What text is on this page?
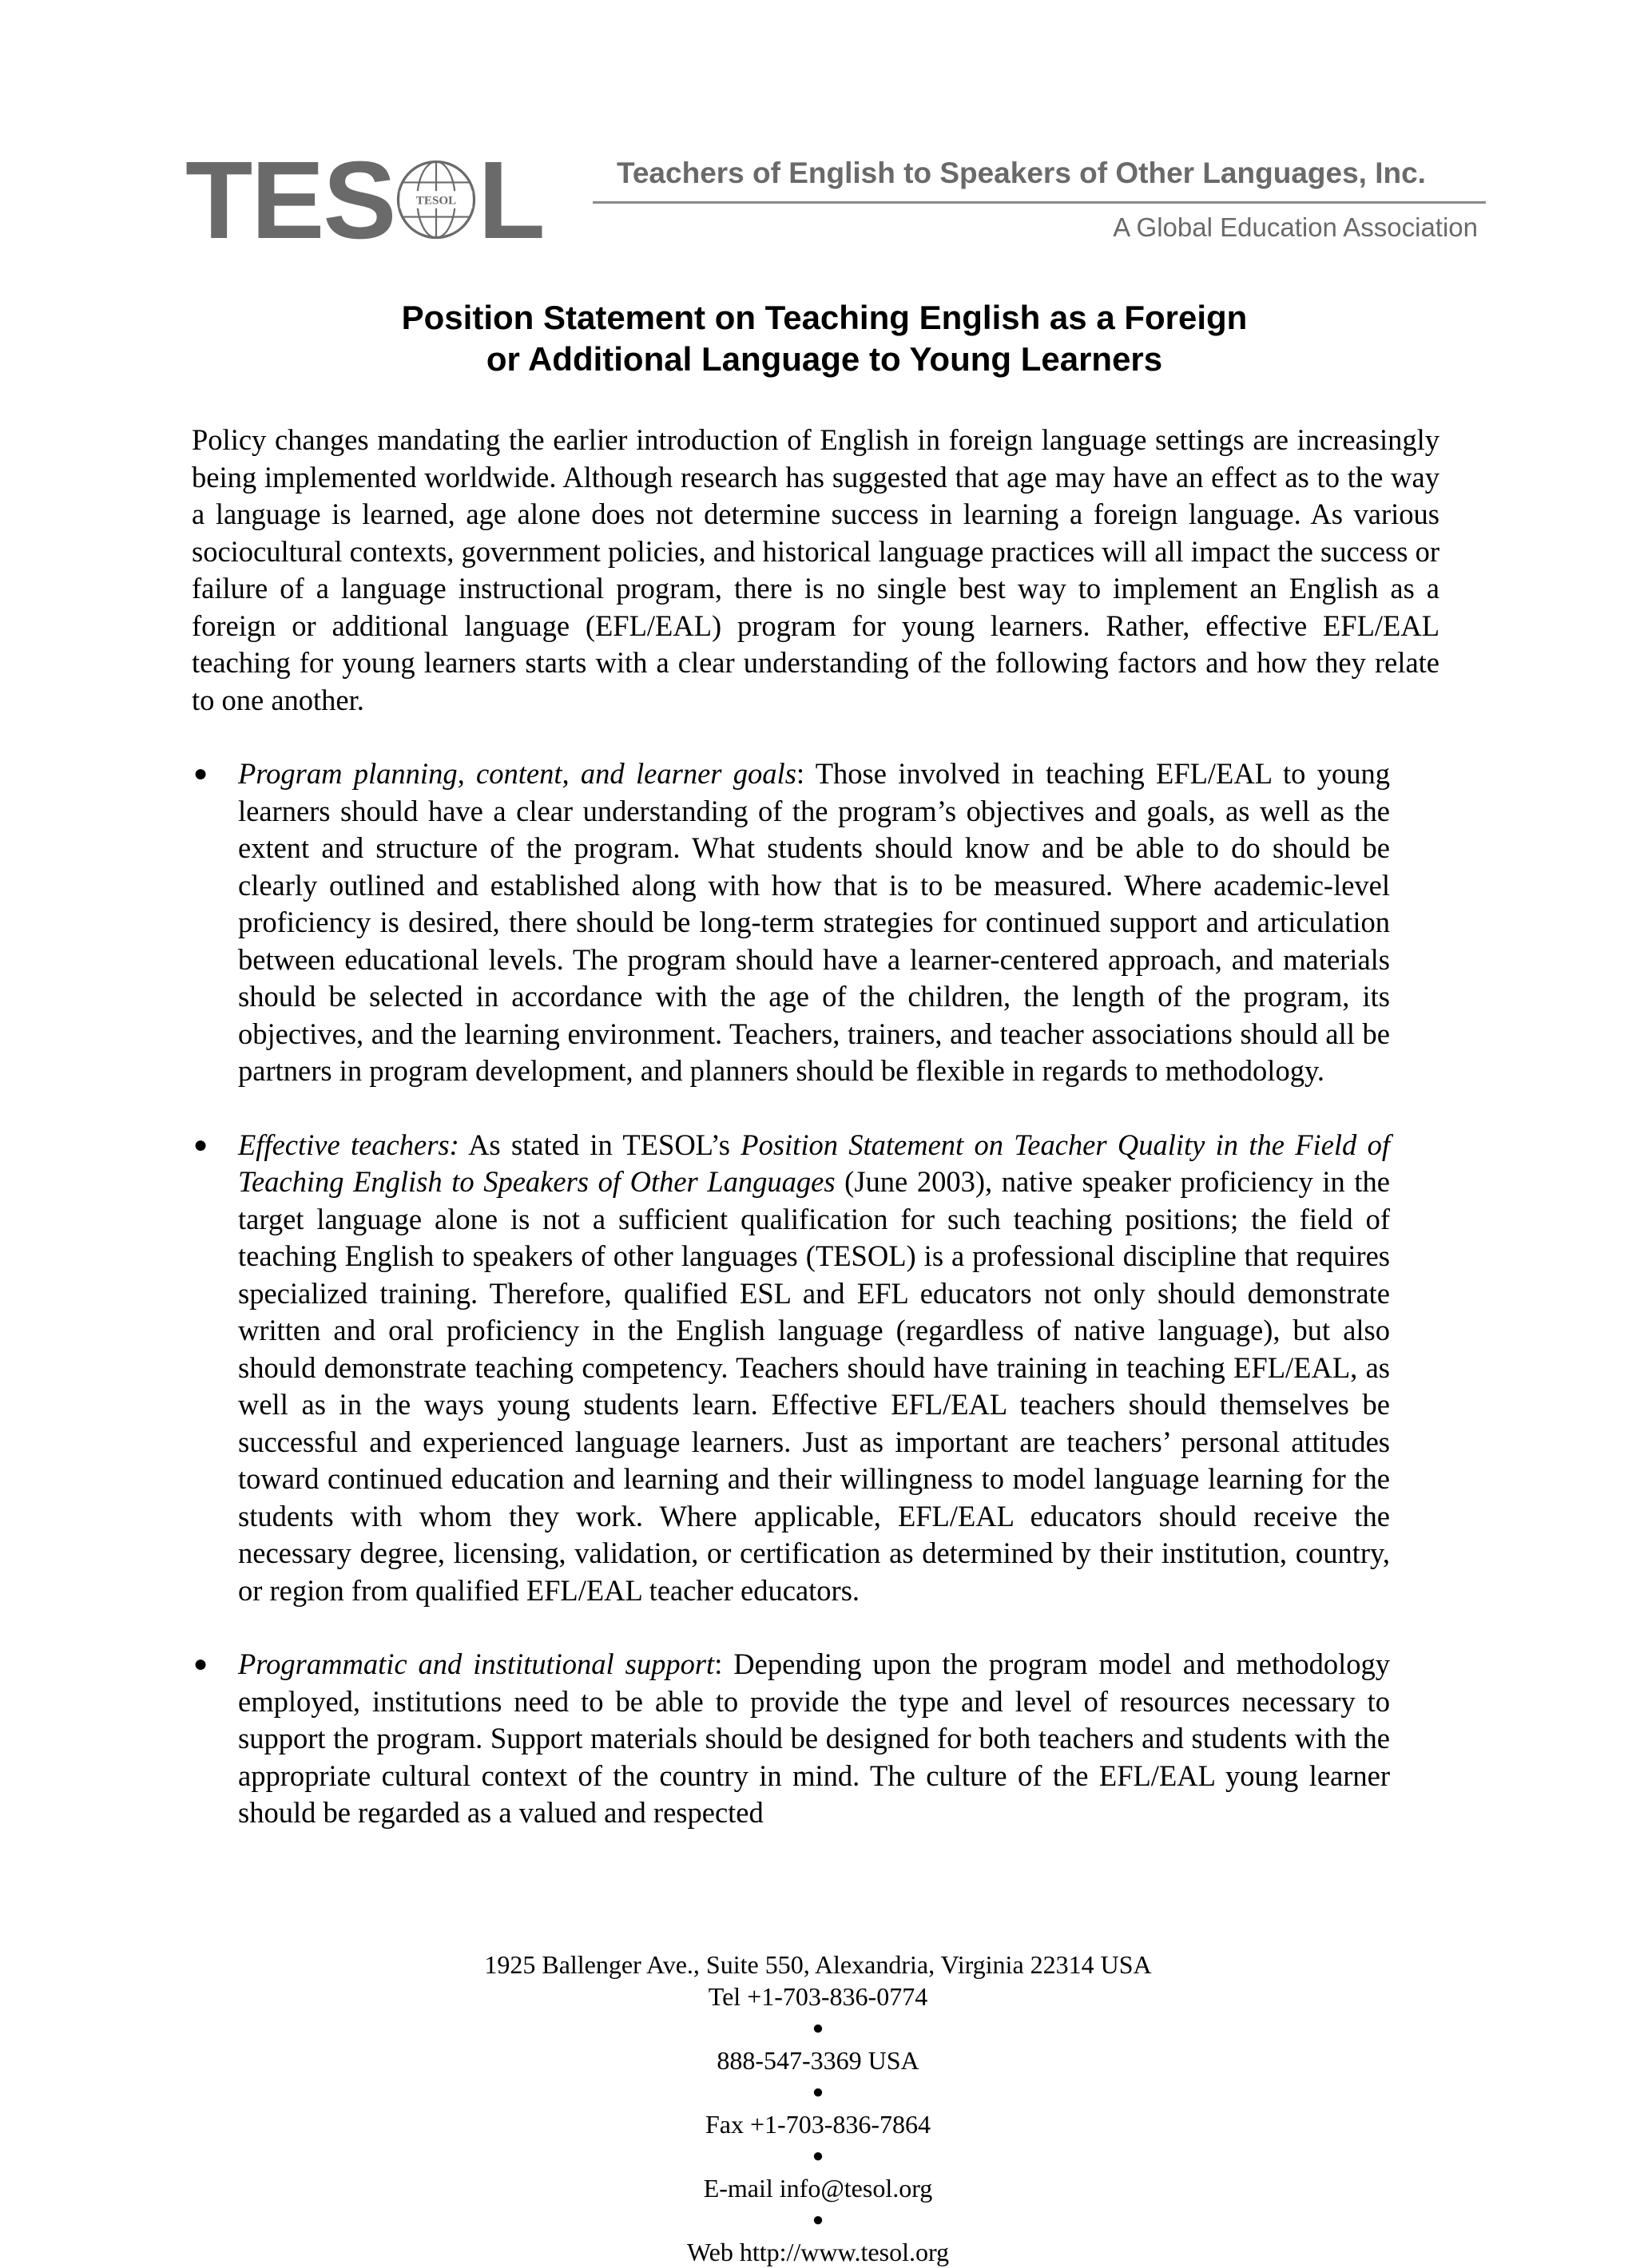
TES TESOL L Teachers of English to Speakers of Other Languages, Inc.
A Global Education Association
Position Statement on Teaching English as a Foreign
or Additional Language to Young Learners

Policy changes mandating the earlier introduction of English in foreign language settings are increasingly being implemented worldwide. Although research has suggested that age may have an effect as to the way a language is learned, age alone does not determine success in learning a foreign language. As various sociocultural contexts, government policies, and historical language practices will all impact the success or failure of a language instructional program, there is no single best way to implement an English as a foreign or additional language (EFL/EAL) program for young learners. Rather, effective EFL/EAL teaching for young learners starts with a clear understanding of the following factors and how they relate to one another.

● Program planning, content, and learner goals: Those involved in teaching EFL/EAL to young learners should have a clear understanding of the program’s objectives and goals, as well as the extent and structure of the program. What students should know and be able to do should be clearly outlined and established along with how that is to be measured. Where academic-level proficiency is desired, there should be long-term strategies for continued support and articulation between educational levels. The program should have a learner-centered approach, and materials should be selected in accordance with the age of the children, the length of the program, its objectives, and the learning environment. Teachers, trainers, and teacher associations should all be partners in program development, and planners should be flexible in regards to methodology.
● Effective teachers: As stated in TESOL’s Position Statement on Teacher Quality in the Field of Teaching English to Speakers of Other Languages (June 2003), native speaker proficiency in the target language alone is not a sufficient qualification for such teaching positions; the field of teaching English to speakers of other languages (TESOL) is a professional discipline that requires specialized training. Therefore, qualified ESL and EFL educators not only should demonstrate written and oral proficiency in the English language (regardless of native language), but also should demonstrate teaching competency. Teachers should have training in teaching EFL/EAL, as well as in the ways young students learn. Effective EFL/EAL teachers should themselves be successful and experienced language learners. Just as important are teachers’ personal attitudes toward continued education and learning and their willingness to model language learning for the students with whom they work. Where applicable, EFL/EAL educators should receive the necessary degree, licensing, validation, or certification as determined by their institution, country, or region from qualified EFL/EAL teacher educators.
● Programmatic and institutional support: Depending upon the program model and methodology employed, institutions need to be able to provide the type and level of resources necessary to support the program. Support materials should be designed for both teachers and students with the appropriate cultural context of the country in mind. The culture of the EFL/EAL young learner should be regarded as a valued and respected
1925 Ballenger Ave., Suite 550, Alexandria, Virginia 22314 USA
Tel +1-703-836-0774
●
888-547-3369 USA
●
Fax +1-703-836-7864
●
E-mail info@tesol.org
●
Web http://www.tesol.org
